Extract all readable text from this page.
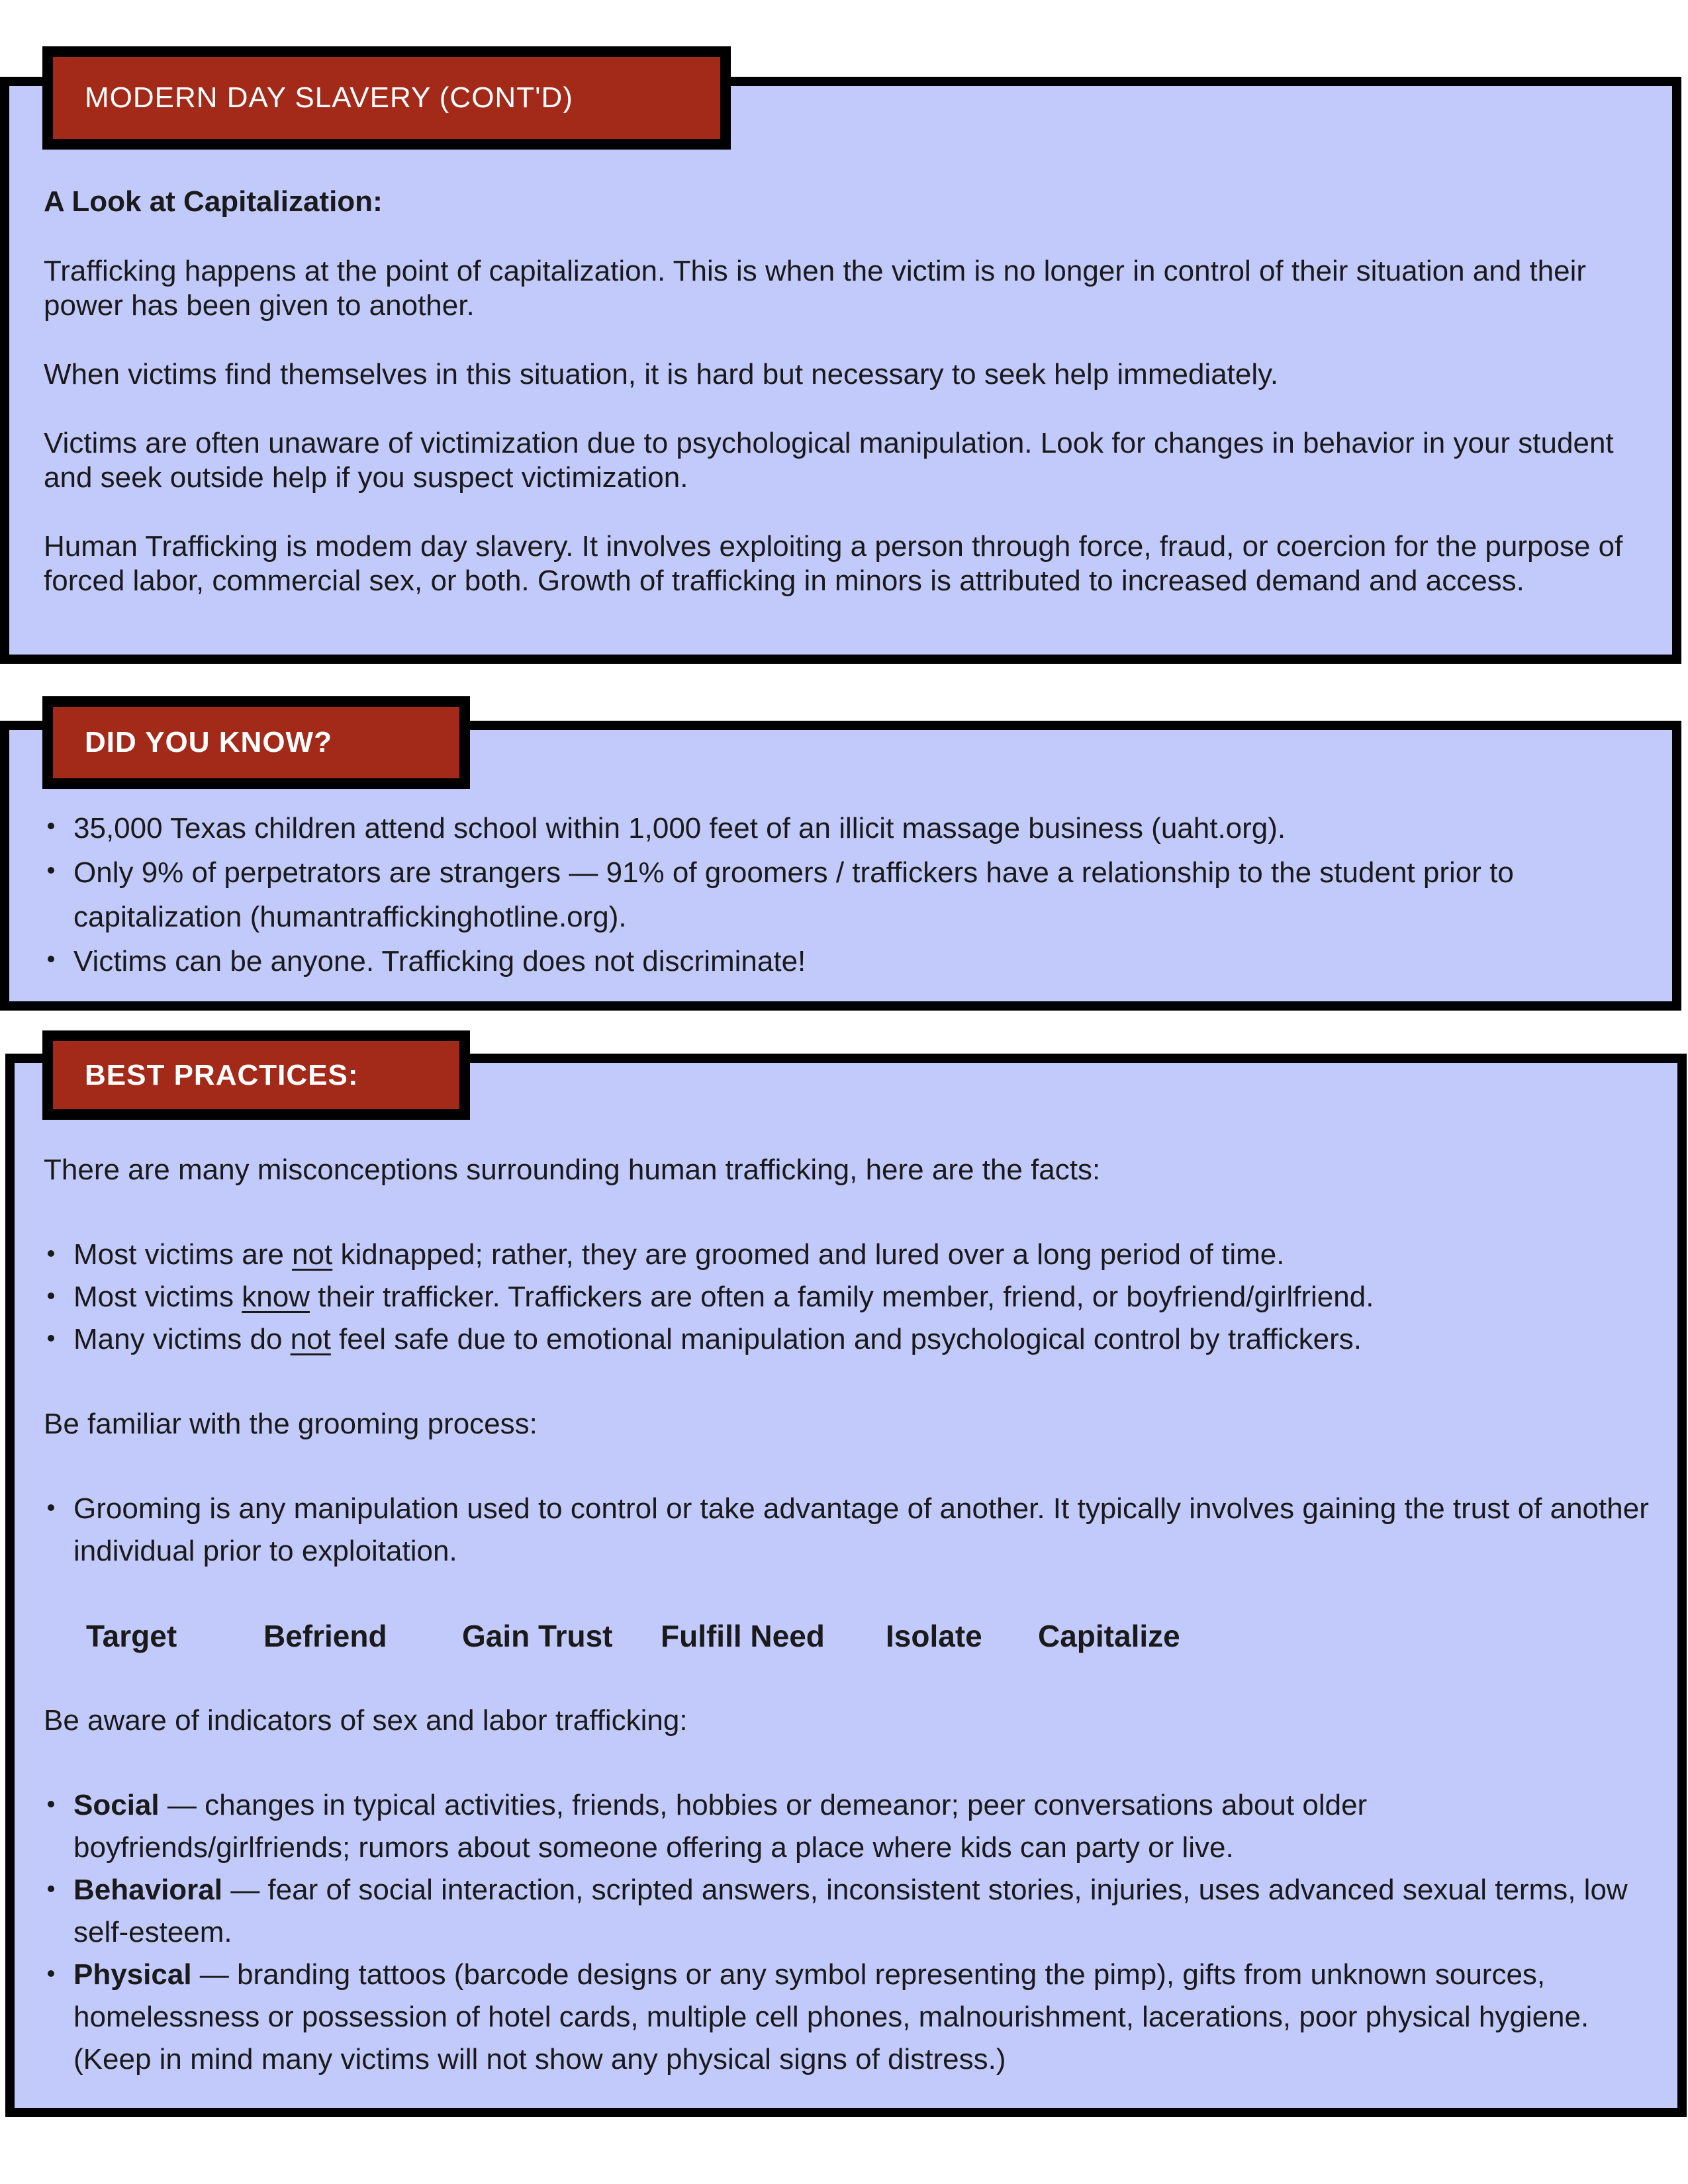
A Look at Capitalization:

Trafficking happens at the point of capitalization. This is when the victim is no longer in control of their situation and their power has been given to another.

When victims find themselves in this situation, it is hard but necessary to seek help immediately.

Victims are often unaware of victimization due to psychological manipulation. Look for changes in behavior in your student and seek outside help if you suspect victimization.

Human Trafficking is modem day slavery. It involves exploiting a person through force, fraud, or coercion for the purpose of forced labor, commercial sex, or both. Growth of trafficking in minors is attributed to increased demand and access.

MODERN DAY SLAVERY (CONT'D)
35,000 Texas children attend school within 1,000 feet of an illicit massage business (uaht.org).
Only 9% of perpetrators are strangers — 91% of groomers / traffickers have a relationship to the student prior to capitalization (humantraffickinghotline.org).
Victims can be anyone. Trafficking does not discriminate!
DID YOU KNOW?

There are many misconceptions surrounding human trafficking, here are the facts:

Most victims are not kidnapped; rather, they are groomed and lured over a long period of time.
Most victims know their trafficker. Traffickers are often a family member, friend, or boyfriend/girlfriend.
Many victims do not feel safe due to emotional manipulation and psychological control by traffickers.

Be familiar with the grooming process:

Grooming is any manipulation used to control or take advantage of another. It typically involves gaining the trust of another individual prior to exploitation.
Target	Befriend	Gain Trust	Fulfill Need	Isolate	Capitalize

Be aware of indicators of sex and labor trafficking:

Social — changes in typical activities, friends, hobbies or demeanor; peer conversations about older boyfriends/girlfriends; rumors about someone offering a place where kids can party or live.
Behavioral — fear of social interaction, scripted answers, inconsistent stories, injuries, uses advanced sexual terms, low self-esteem.
Physical — branding tattoos (barcode designs or any symbol representing the pimp), gifts from unknown sources, homelessness or possession of hotel cards, multiple cell phones, malnourishment, lacerations, poor physical hygiene. (Keep in mind many victims will not show any physical signs of distress.)
BEST PRACTICES:
